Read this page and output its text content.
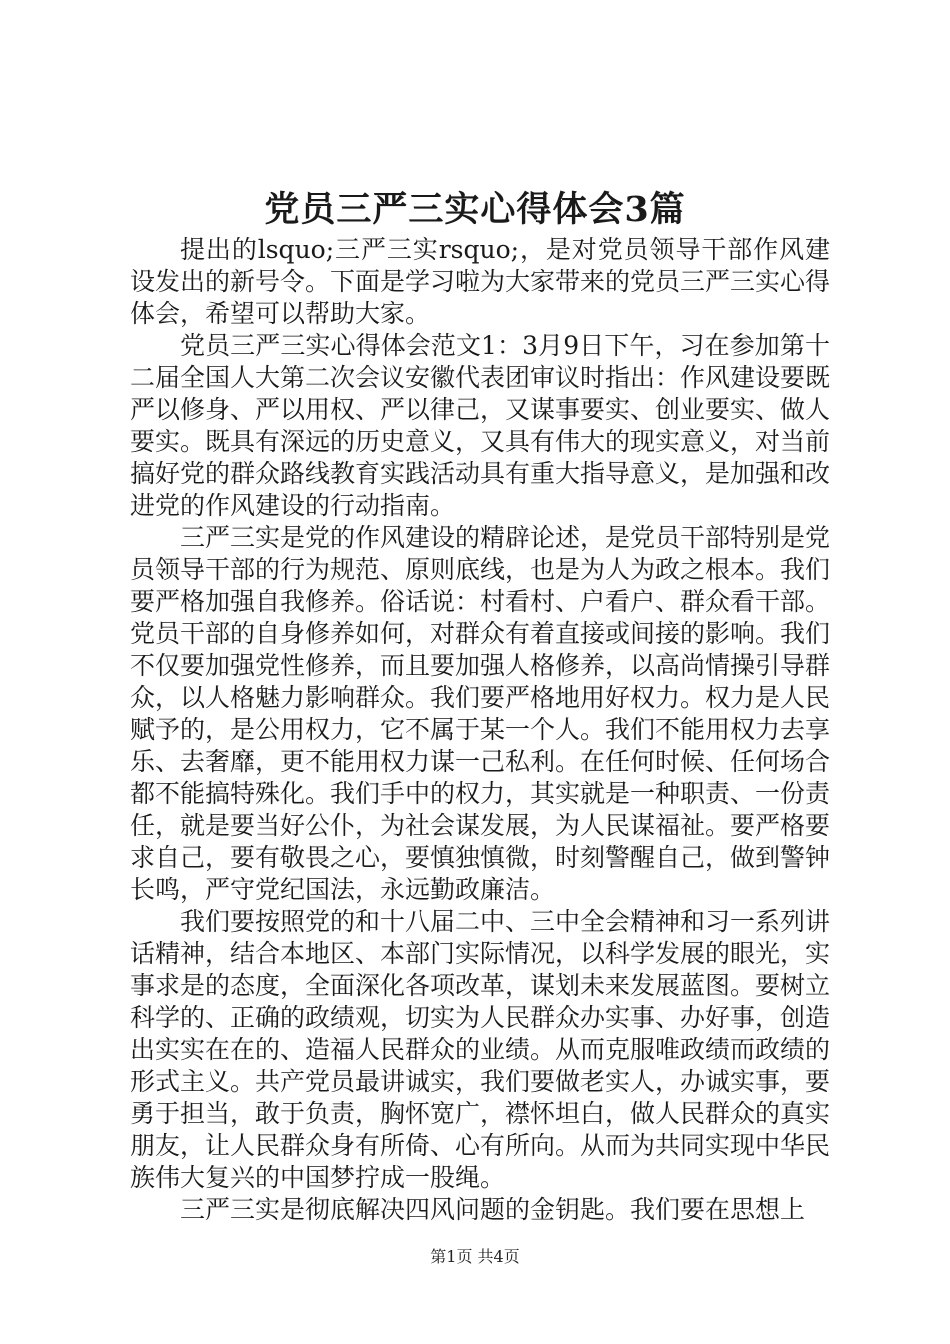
党员三严三实心得体会3篇

提出的lsquo;三严三实rsquo;，是对党员领导干部作风建设发出的新号令。下面是学习啦为大家带来的党员三严三实心得体会，希望可以帮助大家。

党员三严三实心得体会范文1：3月9日下午，习在参加第十二届全国人大第二次会议安徽代表团审议时指出：作风建设要既严以修身、严以用权、严以律己，又谋事要实、创业要实、做人要实。既具有深远的历史意义，又具有伟大的现实意义，对当前搞好党的群众路线教育实践活动具有重大指导意义，是加强和改进党的作风建设的行动指南。

三严三实是党的作风建设的精辟论述，是党员干部特别是党员领导干部的行为规范、原则底线，也是为人为政之根本。我们要严格加强自我修养。俗话说：村看村、户看户、群众看干部。党员干部的自身修养如何，对群众有着直接或间接的影响。我们不仅要加强党性修养，而且要加强人格修养，以高尚情操引导群众，以人格魅力影响群众。我们要严格地用好权力。权力是人民赋予的，是公用权力，它不属于某一个人。我们不能用权力去享乐、去奢靡，更不能用权力谋一己私利。在任何时候、任何场合都不能搞特殊化。我们手中的权力，其实就是一种职责、一份责任，就是要当好公仆，为社会谋发展，为人民谋福祉。要严格要求自己，要有敬畏之心，要慎独慎微，时刻警醒自己，做到警钟长鸣，严守党纪国法，永远勤政廉洁。

我们要按照党的和十八届二中、三中全会精神和习一系列讲话精神，结合本地区、本部门实际情况，以科学发展的眼光，实事求是的态度，全面深化各项改革，谋划未来发展蓝图。要树立科学的、正确的政绩观，切实为人民群众办实事、办好事，创造出实实在在的、造福人民群众的业绩。从而克服唯政绩而政绩的形式主义。共产党员最讲诚实，我们要做老实人，办诚实事，要勇于担当，敢于负责，胸怀宽广，襟怀坦白，做人民群众的真实朋友，让人民群众身有所倚、心有所向。从而为共同实现中华民族伟大复兴的中国梦拧成一股绳。

三严三实是彻底解决四风问题的金钥匙。我们要在思想上

第1页 共4页
